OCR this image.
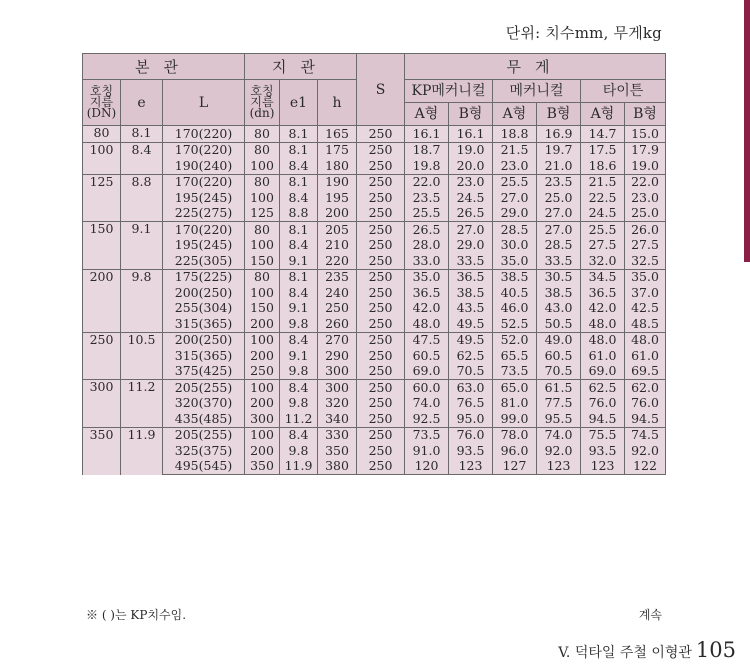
단위: 치수mm, 무게kg
본관			지관			S	무게					
호칭
지름
(DN)	e	L	호칭
지름
(dn)	e1	h		KP메커니컬		메커니컬		타이튼	
							A형	B형	A형	B형	A형	B형
80	8.1	170(220)	80	8.1	165	250	16.1	16.1	18.8	16.9	14.7	15.0
100	8.4	170(220)	80	8.1	175	250	18.7	19.0	21.5	19.7	17.5	17.9
		190(240)	100	8.4	180	250	19.8	20.0	23.0	21.0	18.6	19.0
125	8.8	170(220)	80	8.1	190	250	22.0	23.0	25.5	23.5	21.5	22.0
		195(245)	100	8.4	195	250	23.5	24.5	27.0	25.0	22.5	23.0
		225(275)	125	8.8	200	250	25.5	26.5	29.0	27.0	24.5	25.0
150	9.1	170(220)	80	8.1	205	250	26.5	27.0	28.5	27.0	25.5	26.0
		195(245)	100	8.4	210	250	28.0	29.0	30.0	28.5	27.5	27.5
		225(305)	150	9.1	220	250	33.0	33.5	35.0	33.5	32.0	32.5
200	9.8	175(225)	80	8.1	235	250	35.0	36.5	38.5	30.5	34.5	35.0
		200(250)	100	8.4	240	250	36.5	38.5	40.5	38.5	36.5	37.0
		255(304)	150	9.1	250	250	42.0	43.5	46.0	43.0	42.0	42.5
		315(365)	200	9.8	260	250	48.0	49.5	52.5	50.5	48.0	48.5
250	10.5	200(250)	100	8.4	270	250	47.5	49.5	52.0	49.0	48.0	48.0
		315(365)	200	9.1	290	250	60.5	62.5	65.5	60.5	61.0	61.0
		375(425)	250	9.8	300	250	69.0	70.5	73.5	70.5	69.0	69.5
300	11.2	205(255)	100	8.4	300	250	60.0	63.0	65.0	61.5	62.5	62.0
		320(370)	200	9.8	320	250	74.0	76.5	81.0	77.5	76.0	76.0
		435(485)	300	11.2	340	250	92.5	95.0	99.0	95.5	94.5	94.5
350	11.9	205(255)	100	8.4	330	250	73.5	76.0	78.0	74.0	75.5	74.5
		325(375)	200	9.8	350	250	91.0	93.5	96.0	92.0	93.5	92.0
		495(545)	350	11.9	380	250	120	123	127	123	123	122
※ ( )는 KP치수임.	계속
V. 덕타일 주철 이형관 105
